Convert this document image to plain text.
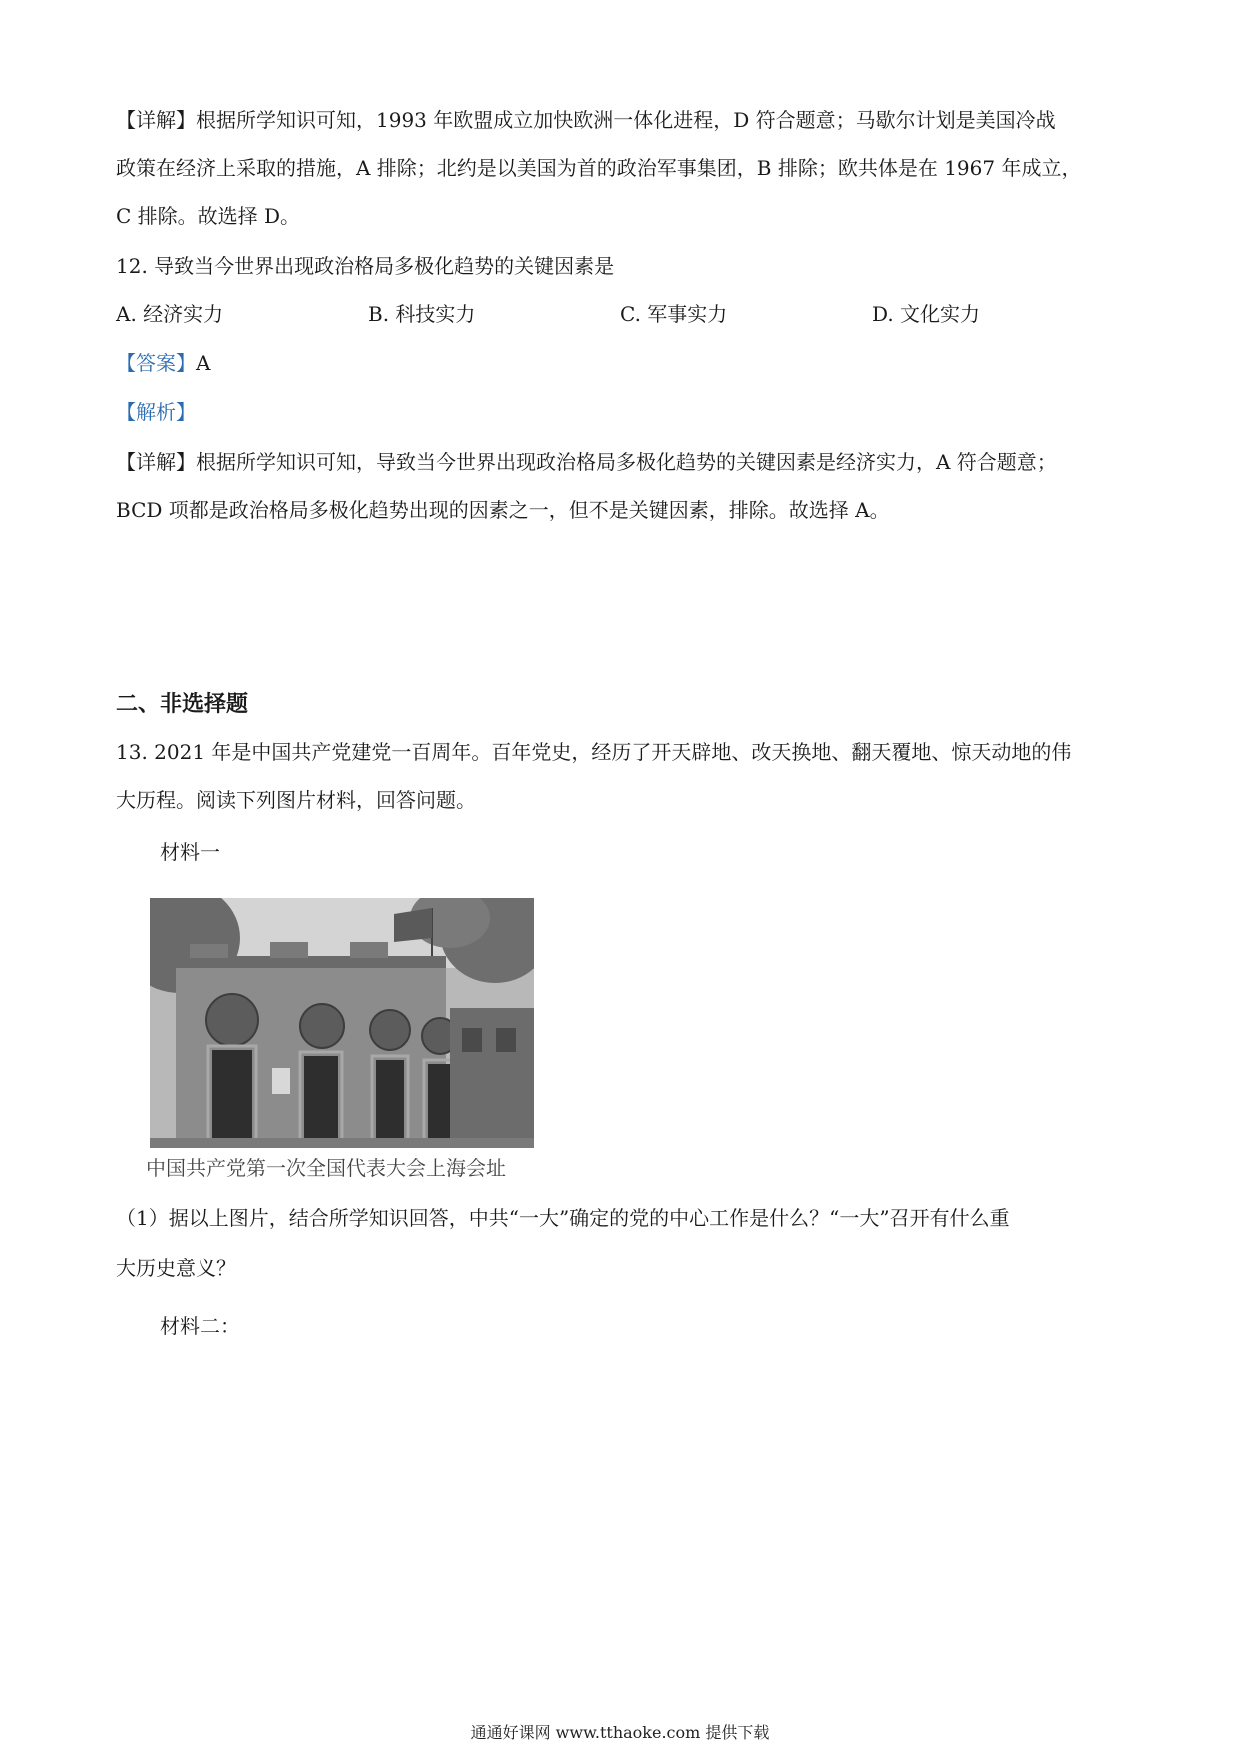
【详解】根据所学知识可知，1993 年欧盟成立加快欧洲一体化进程，D 符合题意；马歇尔计划是美国冷战
政策在经济上采取的措施，A 排除；北约是以美国为首的政治军事集团，B 排除；欧共体是在 1967 年成立，
C 排除。故选择 D。
12. 导致当今世界出现政治格局多极化趋势的关键因素是
A. 经济实力	B. 科技实力	C. 军事实力	D. 文化实力
【答案】A
【解析】
【详解】根据所学知识可知，导致当今世界出现政治格局多极化趋势的关键因素是经济实力，A 符合题意；
BCD 项都是政治格局多极化趋势出现的因素之一，但不是关键因素，排除。故选择 A。
二、非选择题
13. 2021 年是中国共产党建党一百周年。百年党史，经历了开天辟地、改天换地、翻天覆地、惊天动地的伟
大历程。阅读下列图片材料，回答问题。
材料一
中国共产党第一次全国代表大会上海会址
（1）据以上图片，结合所学知识回答，中共“一大”确定的党的中心工作是什么？“一大”召开有什么重
大历史意义？
材料二：
通通好课网 www.tthaoke.com 提供下载
